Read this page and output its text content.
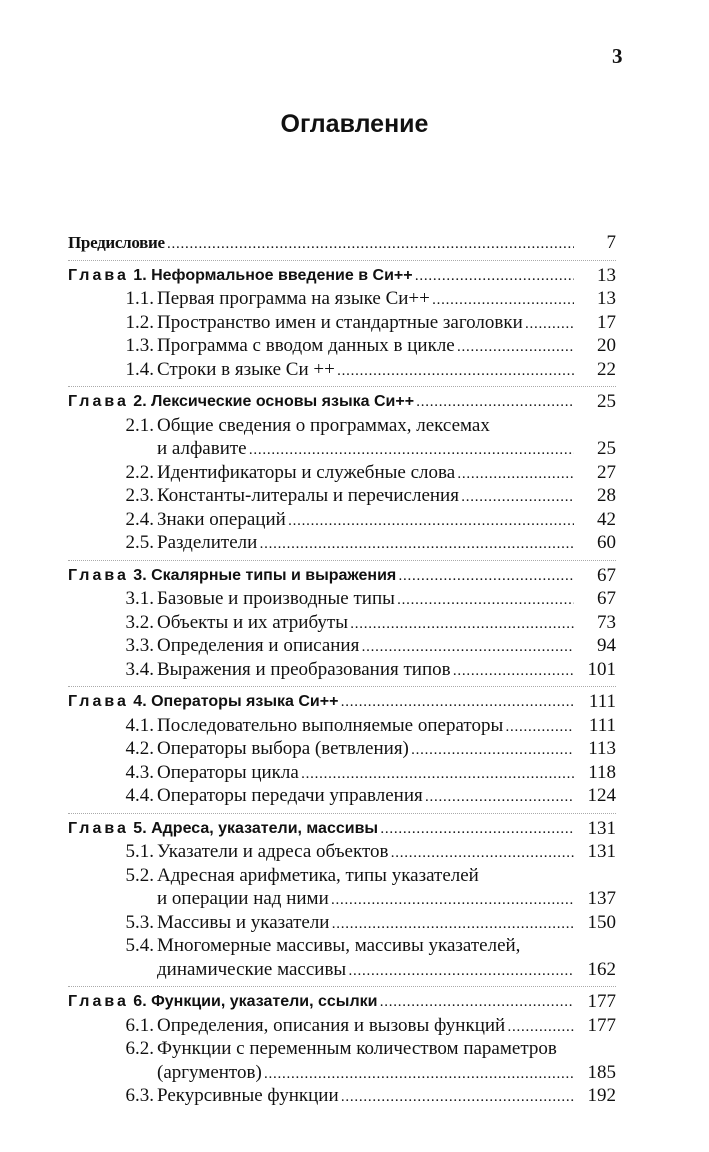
3
Оглавление
Предисловие . . .	7
Глава 1. Неформальное введение в Си++ . . .	13
1.1. Первая программа на языке Си++ . . .	13
1.2. Пространство имен и стандартные заголовки . . .	17
1.3. Программа с вводом данных в цикле . . .	20
1.4. Строки в языке Си ++ . . .	22
Глава 2. Лексические основы языка Си++ . . .	25
2.1. Общие сведения о программах, лексемах
и алфавите . . .	25
2.2. Идентификаторы и служебные слова . . .	27
2.3. Константы-литералы и перечисления . . .	28
2.4. Знаки операций . . .	42
2.5. Разделители . . .	60
Глава 3. Скалярные типы и выражения . . .	67
3.1. Базовые и производные типы . . .	67
3.2. Объекты и их атрибуты . . .	73
3.3. Определения и описания . . .	94
3.4. Выражения и преобразования типов . . .	101
Глава 4. Операторы языка Си++ . . .	111
4.1. Последовательно выполняемые операторы . . .	111
4.2. Операторы выбора (ветвления) . . .	113
4.3. Операторы цикла . . .	118
4.4. Операторы передачи управления . . .	124
Глава 5. Адреса, указатели, массивы . . .	131
5.1. Указатели и адреса объектов . . .	131
5.2. Адресная арифметика, типы указателей
и операции над ними . . .	137
5.3. Массивы и указатели . . .	150
5.4. Многомерные массивы, массивы указателей,
динамические массивы . . .	162
Глава 6. Функции, указатели, ссылки . . .	177
6.1. Определения, описания и вызовы функций . . .	177
6.2. Функции с переменным количеством параметров
(аргументов) . . .	185
6.3. Рекурсивные функции . . .	192
